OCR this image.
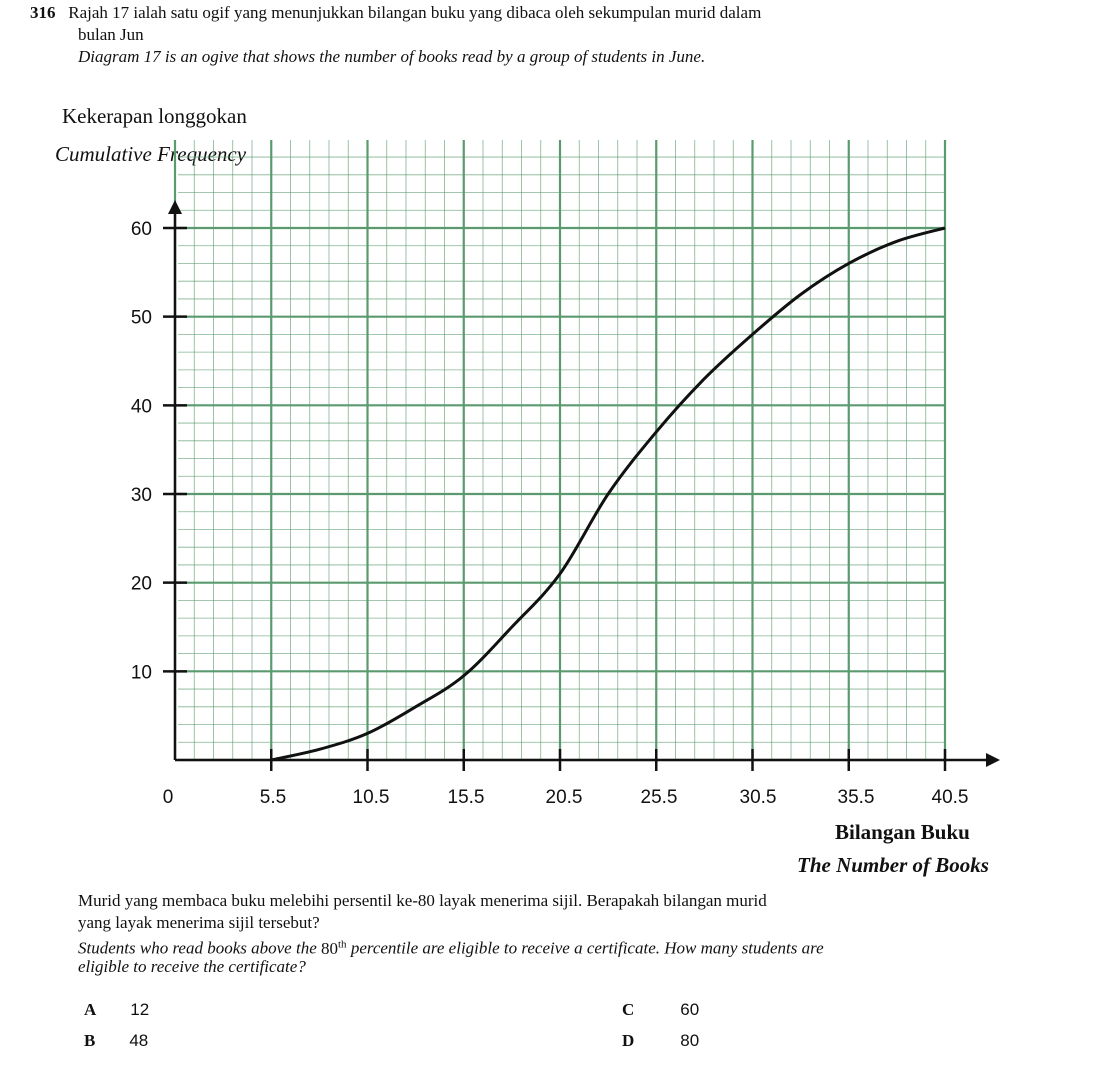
316 Rajah 17 ialah satu ogif yang menunjukkan bilangan buku yang dibaca oleh sekumpulan murid dalam
bulan Jun
Diagram 17 is an ogive that shows the number of books read by a group of students in June.
Kekerapan longgokan
Cumulative Frequency
0	5.5	10.5	15.5	20.5	25.5	30.5	35.5	40.5
10
20
30
40
50
60
Bilangan Buku
The Number of Books
Murid yang membaca buku melebihi persentil ke-80 layak menerima sijil. Berapakah bilangan murid
yang layak menerima sijil tersebut?
Students who read books above the 80th percentile are eligible to receive a certificate. How many students are
eligible to receive the certificate?
A 12
B 48
C	60
D	80
